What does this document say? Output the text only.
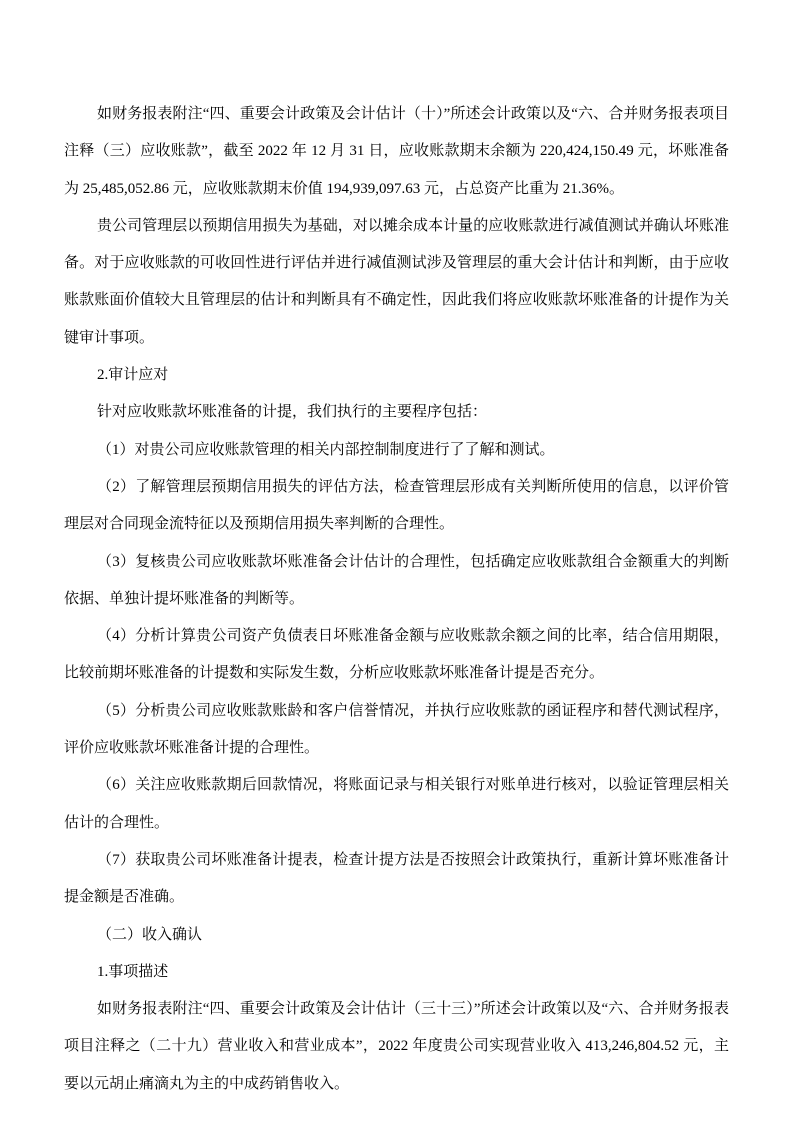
如财务报表附注“四、重要会计政策及会计估计（十）”所述会计政策以及“六、合并财务报表项目注释（三）应收账款”，截至 2022 年 12 月 31 日，应收账款期末余额为 220,424,150.49 元，坏账准备为 25,485,052.86 元，应收账款期末价值 194,939,097.63 元，占总资产比重为 21.36%。

贵公司管理层以预期信用损失为基础，对以摊余成本计量的应收账款进行减值测试并确认坏账准备。对于应收账款的可收回性进行评估并进行减值测试涉及管理层的重大会计估计和判断，由于应收账款账面价值较大且管理层的估计和判断具有不确定性，因此我们将应收账款坏账准备的计提作为关键审计事项。

2.审计应对

针对应收账款坏账准备的计提，我们执行的主要程序包括：

（1）对贵公司应收账款管理的相关内部控制制度进行了了解和测试。

（2）了解管理层预期信用损失的评估方法，检查管理层形成有关判断所使用的信息，以评价管理层对合同现金流特征以及预期信用损失率判断的合理性。

（3）复核贵公司应收账款坏账准备会计估计的合理性，包括确定应收账款组合金额重大的判断依据、单独计提坏账准备的判断等。

（4）分析计算贵公司资产负债表日坏账准备金额与应收账款余额之间的比率，结合信用期限，比较前期坏账准备的计提数和实际发生数，分析应收账款坏账准备计提是否充分。

（5）分析贵公司应收账款账龄和客户信誉情况，并执行应收账款的函证程序和替代测试程序，评价应收账款坏账准备计提的合理性。

（6）关注应收账款期后回款情况，将账面记录与相关银行对账单进行核对，以验证管理层相关估计的合理性。

（7）获取贵公司坏账准备计提表，检查计提方法是否按照会计政策执行，重新计算坏账准备计提金额是否准确。

（二）收入确认

1.事项描述

如财务报表附注“四、重要会计政策及会计估计（三十三）”所述会计政策以及“六、合并财务报表项目注释之（二十九）营业收入和营业成本”，2022 年度贵公司实现营业收入 413,246,804.52 元，主要以元胡止痛滴丸为主的中成药销售收入。
